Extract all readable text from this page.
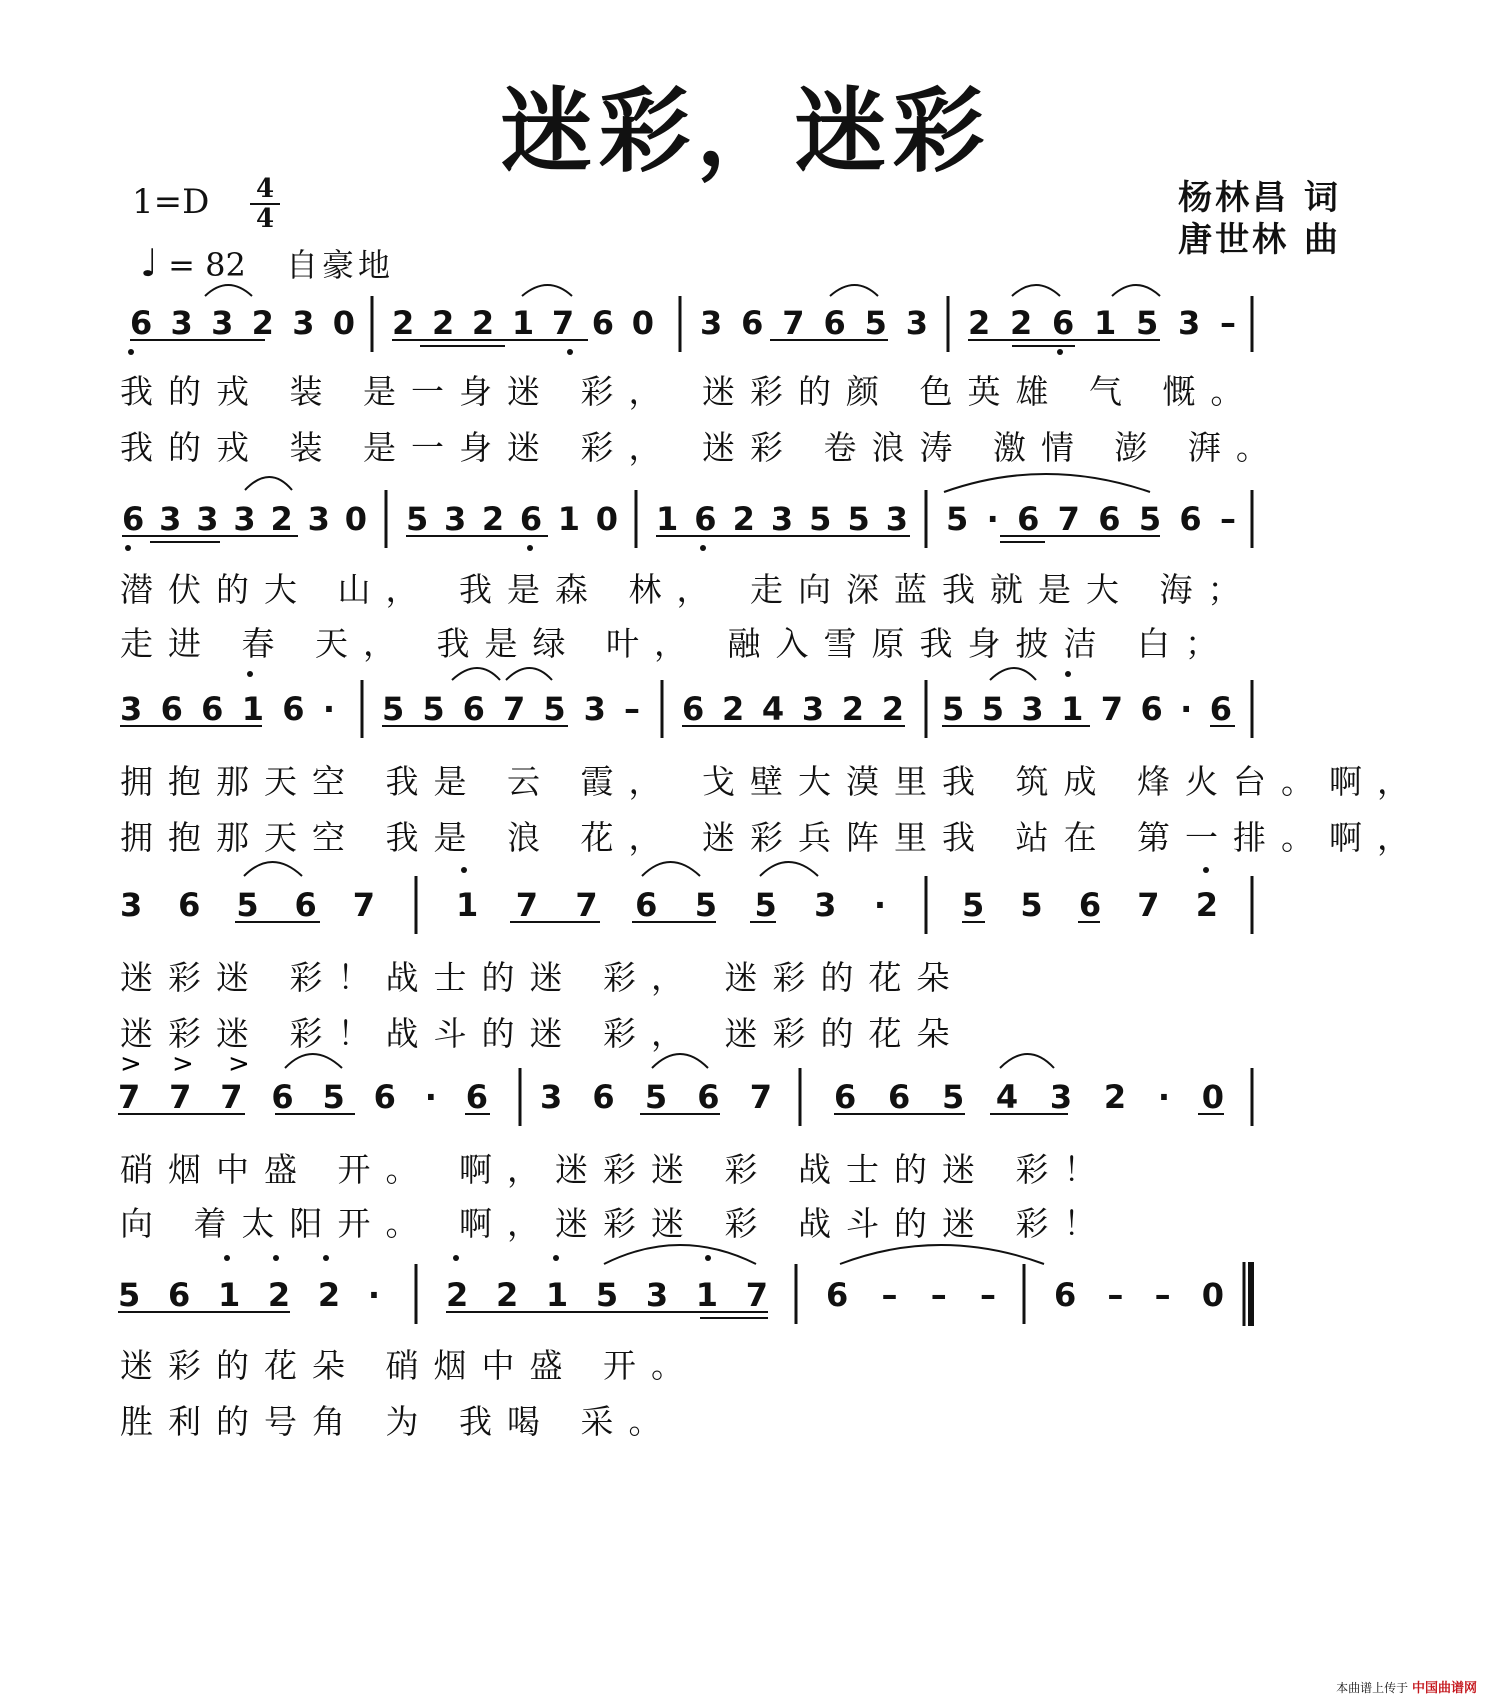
迷彩，迷彩
1=D 4
4
♩ = 82 自豪地
杨林昌 词
唐世林 曲
6 3 3 2 3 0 2 2 2 1 7 6 0 3 6 7 6 5 3 2 2 6 1 5 3 –
我的戎 装 是一身迷 彩， 迷彩的颜 色英雄 气 慨。
我的戎 装 是一身迷 彩， 迷彩 卷浪涛 激情 澎 湃。
6 3 3 3 2 3 0 5 3 2 6 1 0 1 6 2 3 5 5 3 5 · 6 7 6 5 6 –
潜伏的大 山， 我是森 林， 走向深蓝我就是大 海；
走进 春 天， 我是绿 叶， 融入雪原我身披洁 白；
3 6 6 1 6 · 5 5 6 7 5 3 – 6 2 4 3 2 2 5 5 3 1 7 6 · 6
拥抱那天空 我是 云 霞， 戈壁大漠里我 筑成 烽火台。啊，
拥抱那天空 我是 浪 花， 迷彩兵阵里我 站在 第一排。啊，
3 6 5 6 7	1 7 7 6 5 5 3 · 5 5 6 7 2
迷彩迷 彩！战士的迷 彩， 迷彩的花朵
迷彩迷 彩！战斗的迷 彩， 迷彩的花朵
> > >
7 7 7 6 5 6 · 6 3 6 5 6 7 6 6 5 4 3 2 · 0
硝烟中盛 开。 啊，迷彩迷 彩 战士的迷 彩！
向 着太阳开。 啊，迷彩迷 彩 战斗的迷 彩！
5 6 1 2 2 · 2 2 1 5 3 1 7 6 – – – 6 – – 0
迷彩的花朵 硝烟中盛 开。
胜利的号角 为 我喝 采。
本曲谱上传于 中国曲谱网
